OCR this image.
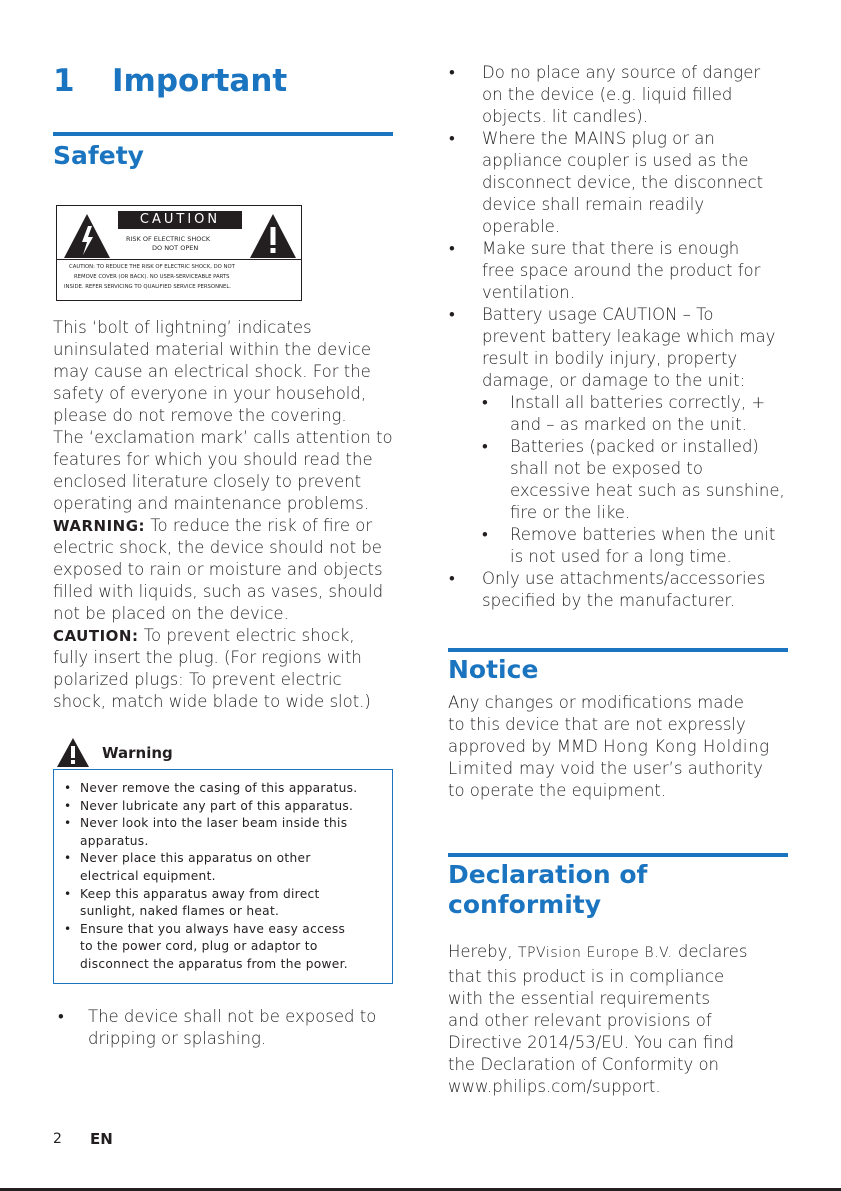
1 Important
Safety
CAUTION
RISK OF ELECTRIC SHOCK
DO NOT OPEN
CAUTION: TO REDUCE THE RISK OF ELECTRIC SHOCK, DO NOT
REMOVE COVER (OR BACK). NO USER-SERVICEABLE PARTS
INSIDE. REFER SERVICING TO QUALIFIED SERVICE PERSONNEL.
This ‘bolt of lightning’ indicates
uninsulated material within the device
may cause an electrical shock. For the
safety of everyone in your household,
please do not remove the covering.
The ‘exclamation mark’ calls attention to
features for which you should read the
enclosed literature closely to prevent
operating and maintenance problems.
WARNING: To reduce the risk of fire or
electric shock, the device should not be
exposed to rain or moisture and objects
filled with liquids, such as vases, should
not be placed on the device.
CAUTION: To prevent electric shock,
fully insert the plug. (For regions with
polarized plugs: To prevent electric
shock, match wide blade to wide slot.)
Warning
• Never remove the casing of this apparatus.
• Never lubricate any part of this apparatus.
• Never look into the laser beam inside this
apparatus.
• Never place this apparatus on other
electrical equipment.
• Keep this apparatus away from direct
sunlight, naked flames or heat.
• Ensure that you always have easy access
to the power cord, plug or adaptor to
disconnect the apparatus from the power.
• The device shall not be exposed to
dripping or splashing.
• Do no place any source of danger
on the device (e.g. liquid filled
objects. lit candles).
• Where the MAINS plug or an
appliance coupler is used as the
disconnect device, the disconnect
device shall remain readily
operable.
• Make sure that there is enough
free space around the product for
ventilation.
• Battery usage CAUTION – To
prevent battery leakage which may
result in bodily injury, property
damage, or damage to the unit:
• Install all batteries correctly, +
and – as marked on the unit.
• Batteries (packed or installed)
shall not be exposed to
excessive heat such as sunshine,
fire or the like.
• Remove batteries when the unit
is not used for a long time.
• Only use attachments/accessories
specified by the manufacturer.
Notice
Any changes or modifications made
to this device that are not expressly
approved by MMD Hong Kong Holding
Limited may void the user’s authority
to operate the equipment.
Declaration of
conformity
Hereby, TPVision Europe B.V. declares
that this product is in compliance
with the essential requirements
and other relevant provisions of
Directive 2014/53/EU. You can find
the Declaration of Conformity on
www.philips.com/support.
2 EN
